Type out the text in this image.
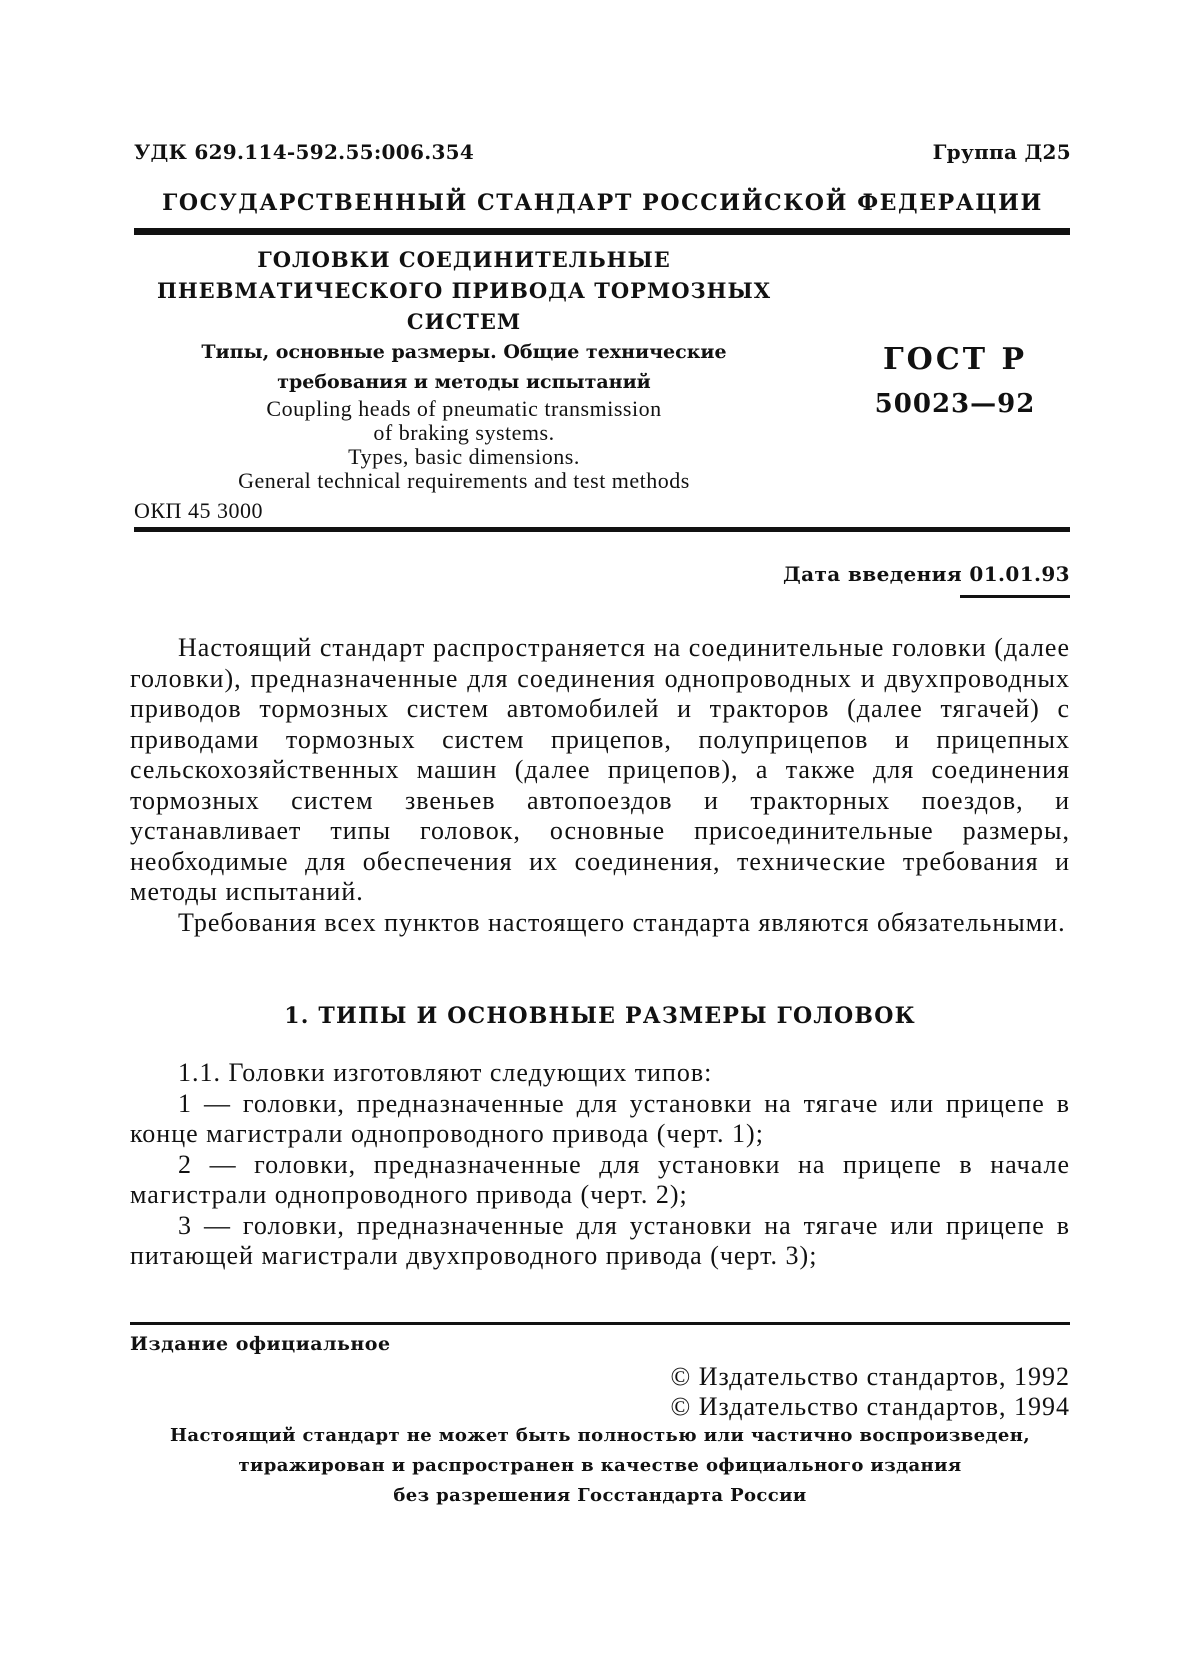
УДК 629.114-592.55:006.354	Группа Д25
ГОСУДАРСТВЕННЫЙ СТАНДАРТ РОССИЙСКОЙ ФЕДЕРАЦИИ
ГОЛОВКИ СОЕДИНИТЕЛЬНЫЕ
ПНЕВМАТИЧЕСКОГО ПРИВОДА ТОРМОЗНЫХ
СИСТЕМ
Типы, основные размеры. Общие технические
требования и методы испытаний
Coupling heads of pneumatic transmission
of braking systems.
Types, basic dimensions.
General technical requirements and test methods
ОКП 45 3000
ГОСТ Р
50023—92
Дата введения 01.01.93

Настоящий стандарт распространяется на соединительные головки (далее головки), предназначенные для соединения однопроводных и двухпроводных приводов тормозных систем автомобилей и тракторов (далее тягачей) с приводами тормозных систем прицепов, полуприцепов и прицепных сельскохозяйственных машин (далее прицепов), а также для соединения тормозных систем звеньев автопоездов и тракторных поездов, и устанавливает типы головок, основные присоединительные размеры, необходимые для обеспечения их соединения, технические требования и методы испытаний.

Требования всех пунктов настоящего стандарта являются обязательными.

1. ТИПЫ И ОСНОВНЫЕ РАЗМЕРЫ ГОЛОВОК

1.1. Головки изготовляют следующих типов:

1 — головки, предназначенные для установки на тягаче или прицепе в конце магистрали однопроводного привода (черт. 1);

2 — головки, предназначенные для установки на прицепе в начале магистрали однопроводного привода (черт. 2);

3 — головки, предназначенные для установки на тягаче или прицепе в питающей магистрали двухпроводного привода (черт. 3);

Издание официальное
© Издательство стандартов, 1992
© Издательство стандартов, 1994
Настоящий стандарт не может быть полностью или частично воспроизведен,
тиражирован и распространен в качестве официального издания
без разрешения Госстандарта России
